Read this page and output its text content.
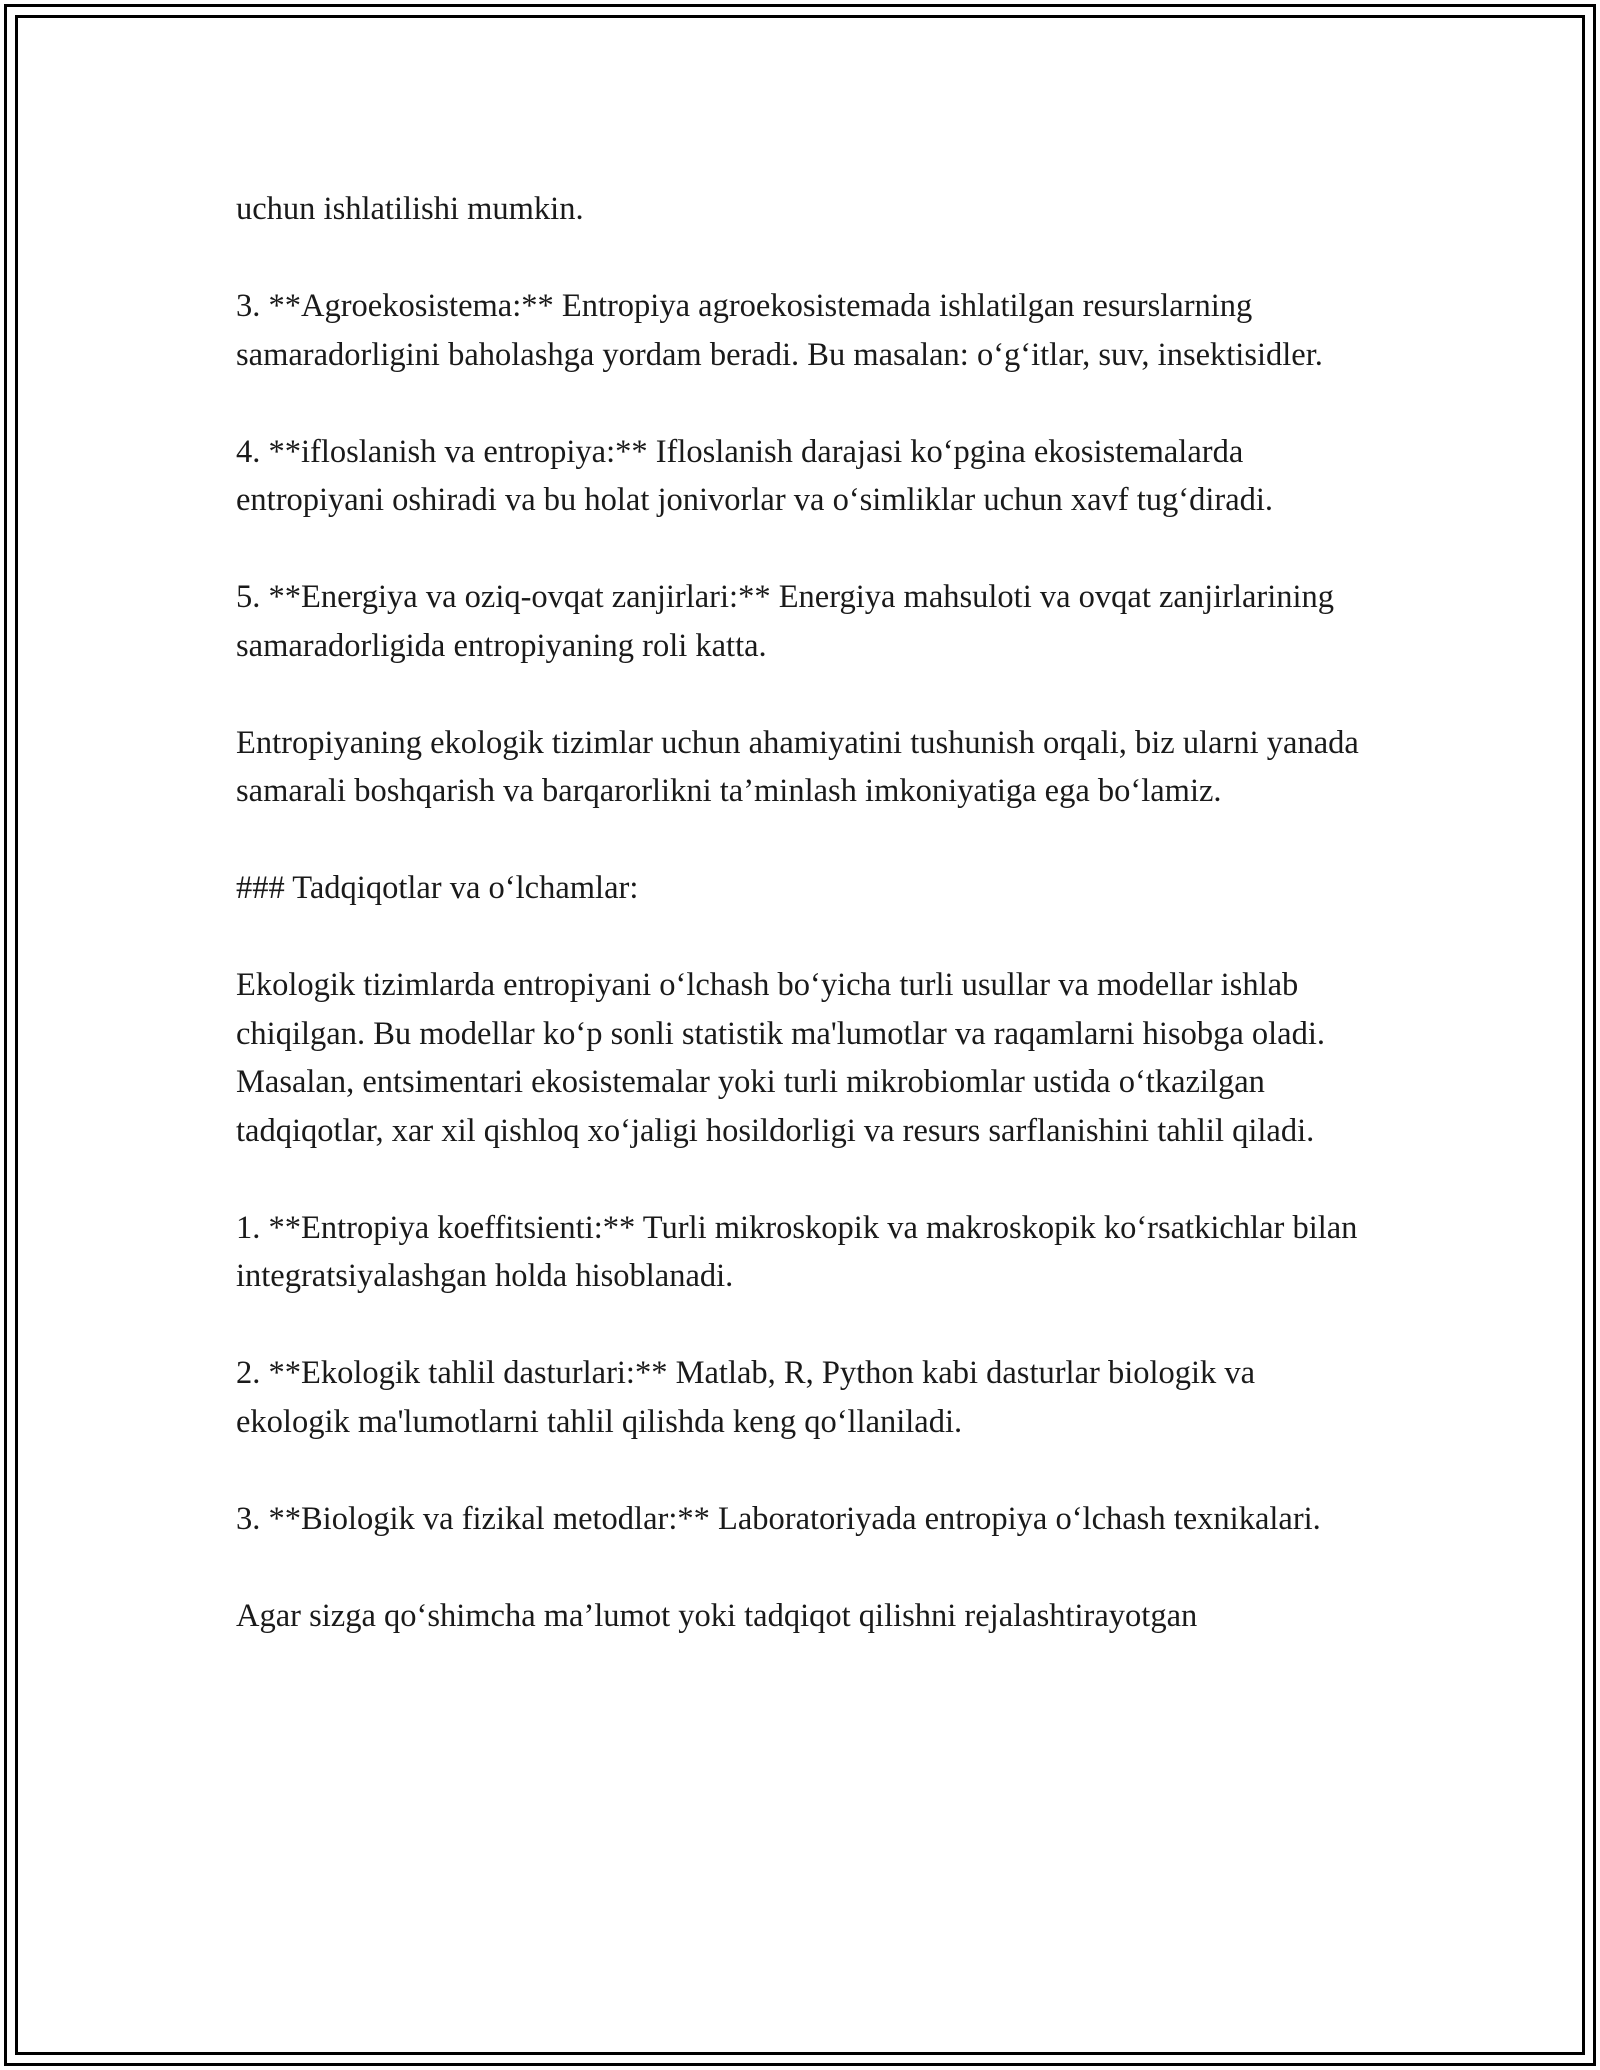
uchun ishlatilishi mumkin.

3. **Agroekosistema:** Entropiya agroekosistemada ishlatilgan resurslarning samaradorligini baholashga yordam beradi. Bu masalan: o‘g‘itlar, suv, insektisidler.

4. **ifloslanish va entropiya:** Ifloslanish darajasi ko‘pgina ekosistemalarda entropiyani oshiradi va bu holat jonivorlar va o‘simliklar uchun xavf tug‘diradi.

5. **Energiya va oziq-ovqat zanjirlari:** Energiya mahsuloti va ovqat zanjirlarining samaradorligida entropiyaning roli katta.

Entropiyaning ekologik tizimlar uchun ahamiyatini tushunish orqali, biz ularni yanada samarali boshqarish va barqarorlikni ta’minlash imkoniyatiga ega bo‘lamiz.

### Tadqiqotlar va o‘lchamlar:

Ekologik tizimlarda entropiyani o‘lchash bo‘yicha turli usullar va modellar ishlab chiqilgan. Bu modellar ko‘p sonli statistik ma'lumotlar va raqamlarni hisobga oladi. Masalan, entsimentari ekosistemalar yoki turli mikrobiomlar ustida o‘tkazilgan tadqiqotlar, xar xil qishloq xo‘jaligi hosildorligi va resurs sarflanishini tahlil qiladi.

1. **Entropiya koeffitsienti:** Turli mikroskopik va makroskopik ko‘rsatkichlar bilan integratsiyalashgan holda hisoblanadi.

2. **Ekologik tahlil dasturlari:** Matlab, R, Python kabi dasturlar biologik va ekologik ma'lumotlarni tahlil qilishda keng qo‘llaniladi.

3. **Biologik va fizikal metodlar:** Laboratoriyada entropiya o‘lchash texnikalari.

Agar sizga qo‘shimcha ma’lumot yoki tadqiqot qilishni rejalashtirayotgan
